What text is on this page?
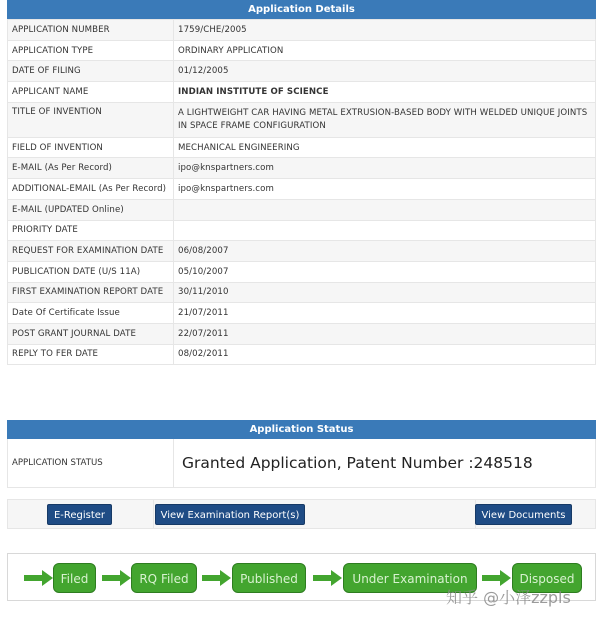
Application Details
APPLICATION NUMBER	1759/CHE/2005
APPLICATION TYPE	ORDINARY APPLICATION
DATE OF FILING	01/12/2005
APPLICANT NAME	INDIAN INSTITUTE OF SCIENCE
TITLE OF INVENTION	A LIGHTWEIGHT CAR HAVING METAL EXTRUSION-BASED BODY WITH WELDED UNIQUE JOINTS IN SPACE FRAME CONFIGURATION
FIELD OF INVENTION	MECHANICAL ENGINEERING
E-MAIL (As Per Record)	ipo@knspartners.com
ADDITIONAL-EMAIL (As Per Record)	ipo@knspartners.com
E-MAIL (UPDATED Online)	
PRIORITY DATE	
REQUEST FOR EXAMINATION DATE	06/08/2007
PUBLICATION DATE (U/S 11A)	05/10/2007
FIRST EXAMINATION REPORT DATE	30/11/2010
Date Of Certificate Issue	21/07/2011
POST GRANT JOURNAL DATE	22/07/2011
REPLY TO FER DATE	08/02/2011
Application Status
APPLICATION STATUS	Granted Application, Patent Number :248518
E-Register	View Examination Report(s)	View Documents
Filed	RQ Filed	Published	Under Examination	Disposed
知乎 @小泽zzpls
